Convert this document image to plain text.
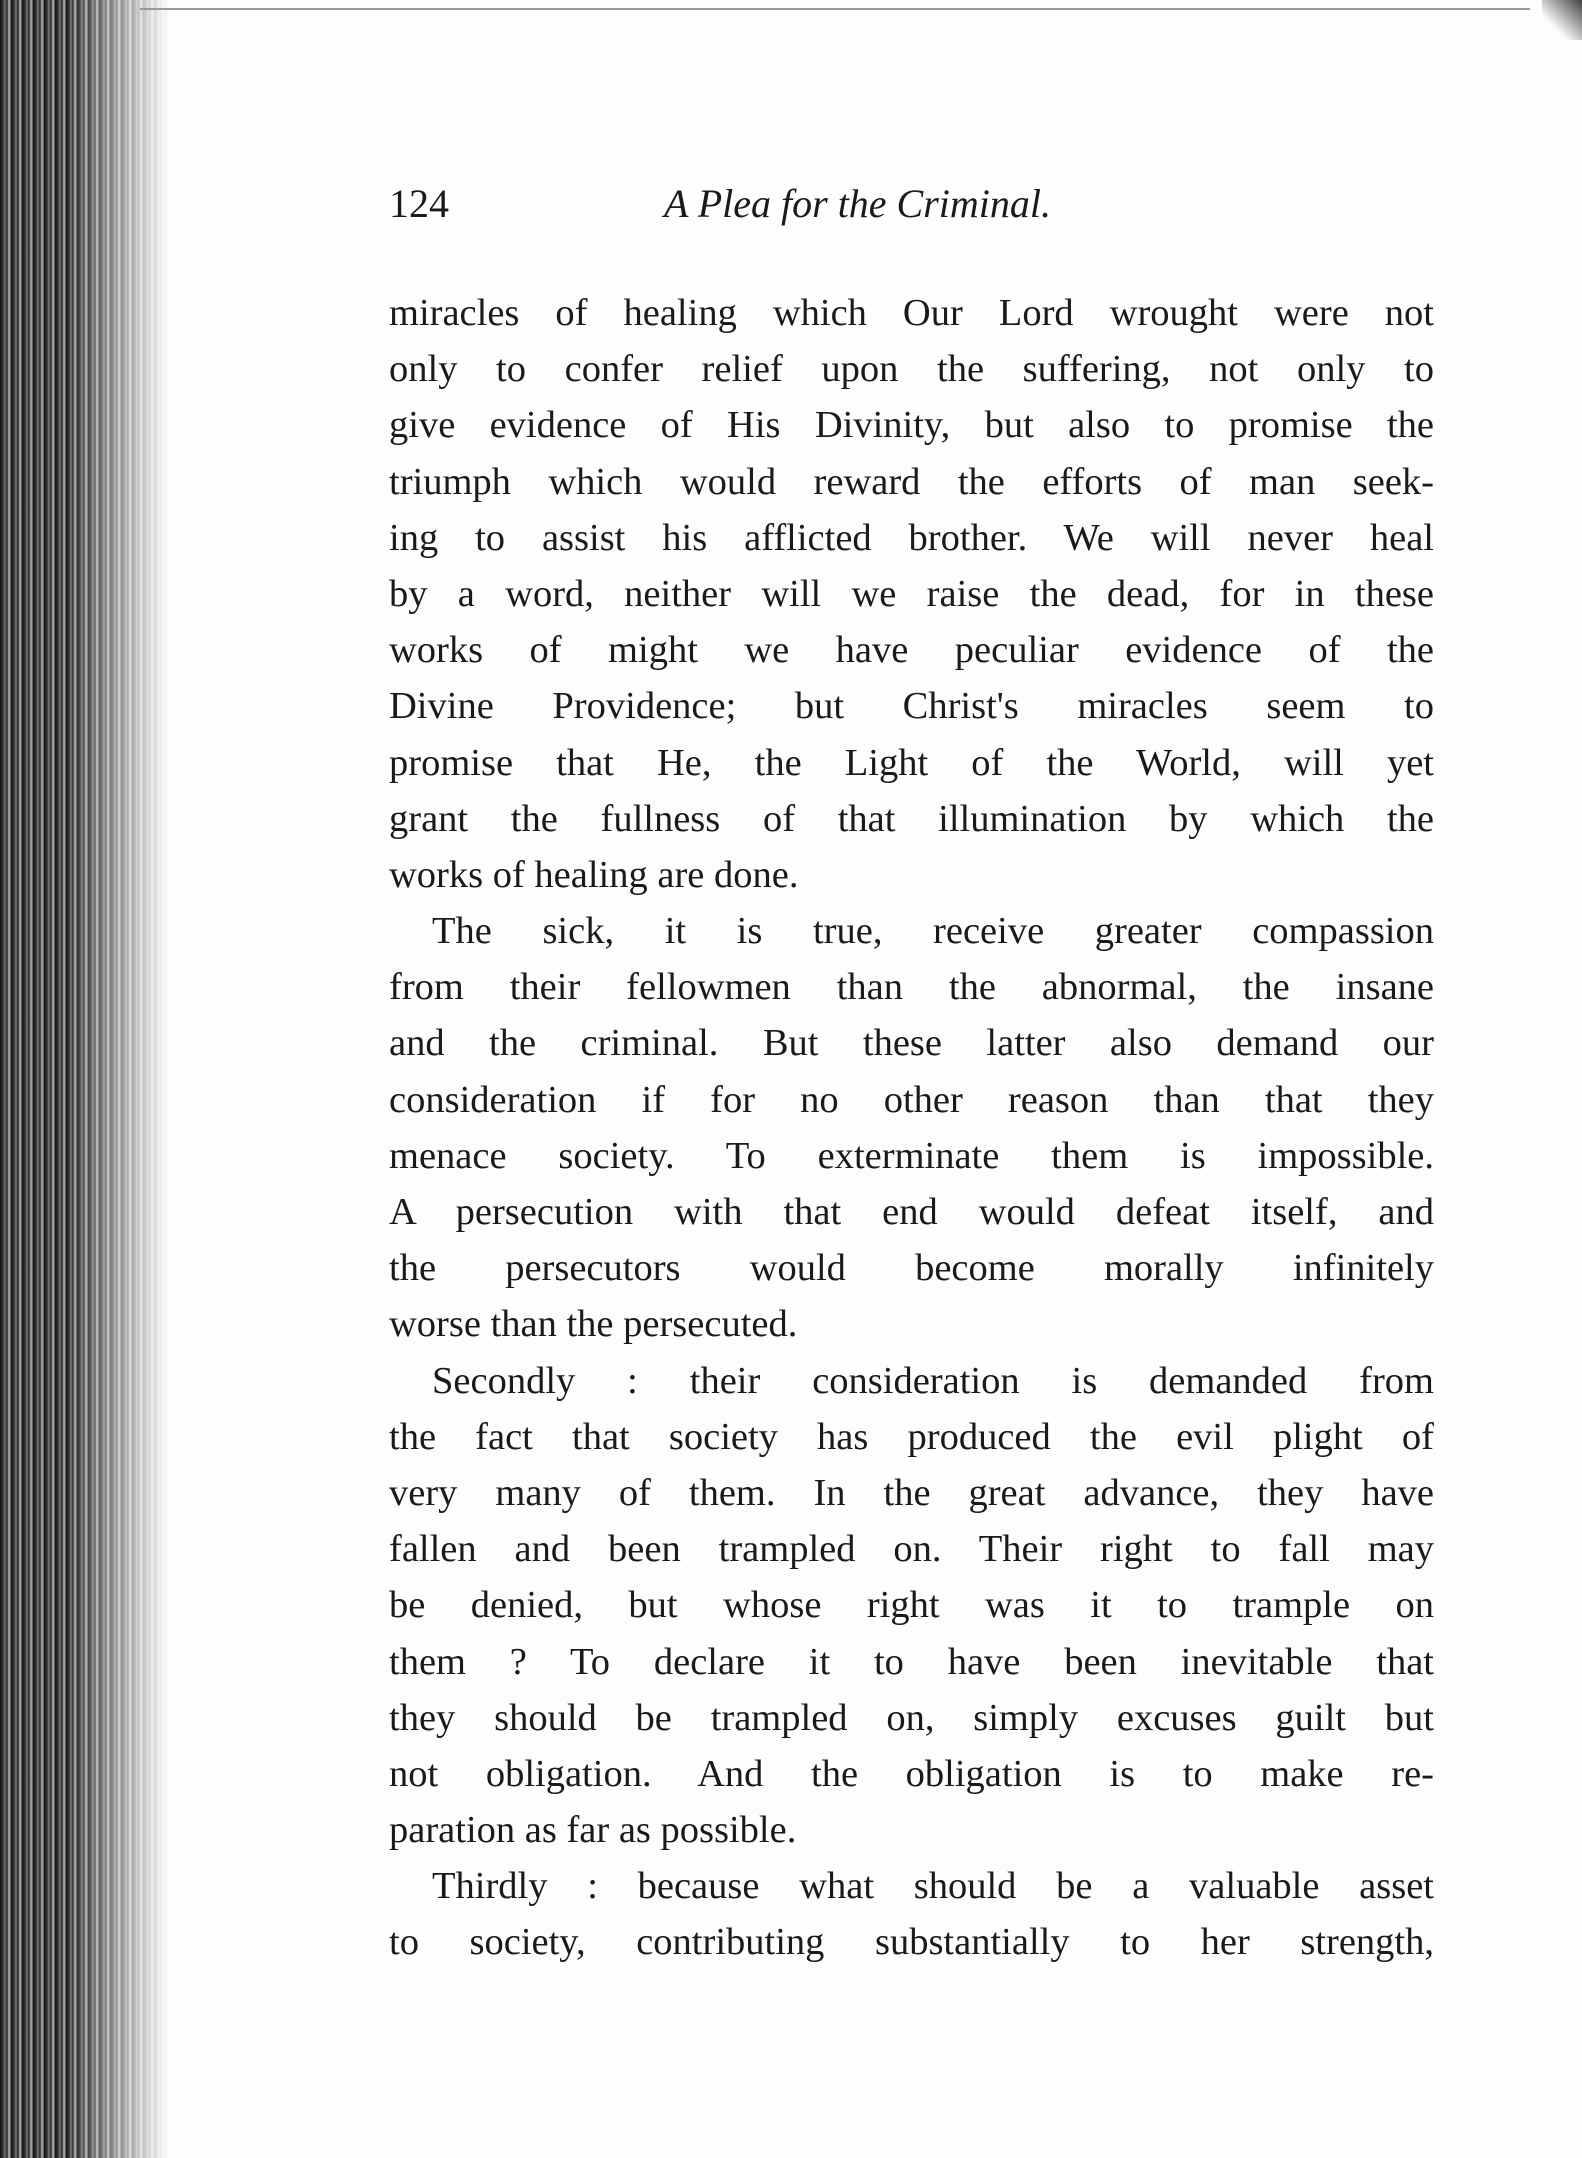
124	A Plea for the Criminal.
miracles of healing which Our Lord wrought were not
only to confer relief upon the suffering, not only to
give evidence of His Divinity, but also to promise the
triumph which would reward the efforts of man seek-
ing to assist his afflicted brother. We will never heal
by a word, neither will we raise the dead, for in these
works of might we have peculiar evidence of the
Divine Providence; but Christ's miracles seem to
promise that He, the Light of the World, will yet
grant the fullness of that illumination by which the
works of healing are done.
The sick, it is true, receive greater compassion
from their fellowmen than the abnormal, the insane
and the criminal. But these latter also demand our
consideration if for no other reason than that they
menace society. To exterminate them is impossible.
A persecution with that end would defeat itself, and
the persecutors would become morally infinitely
worse than the persecuted.
Secondly : their consideration is demanded from
the fact that society has produced the evil plight of
very many of them. In the great advance, they have
fallen and been trampled on. Their right to fall may
be denied, but whose right was it to trample on
them ? To declare it to have been inevitable that
they should be trampled on, simply excuses guilt but
not obligation. And the obligation is to make re-
paration as far as possible.
Thirdly : because what should be a valuable asset
to society, contributing substantially to her strength,
